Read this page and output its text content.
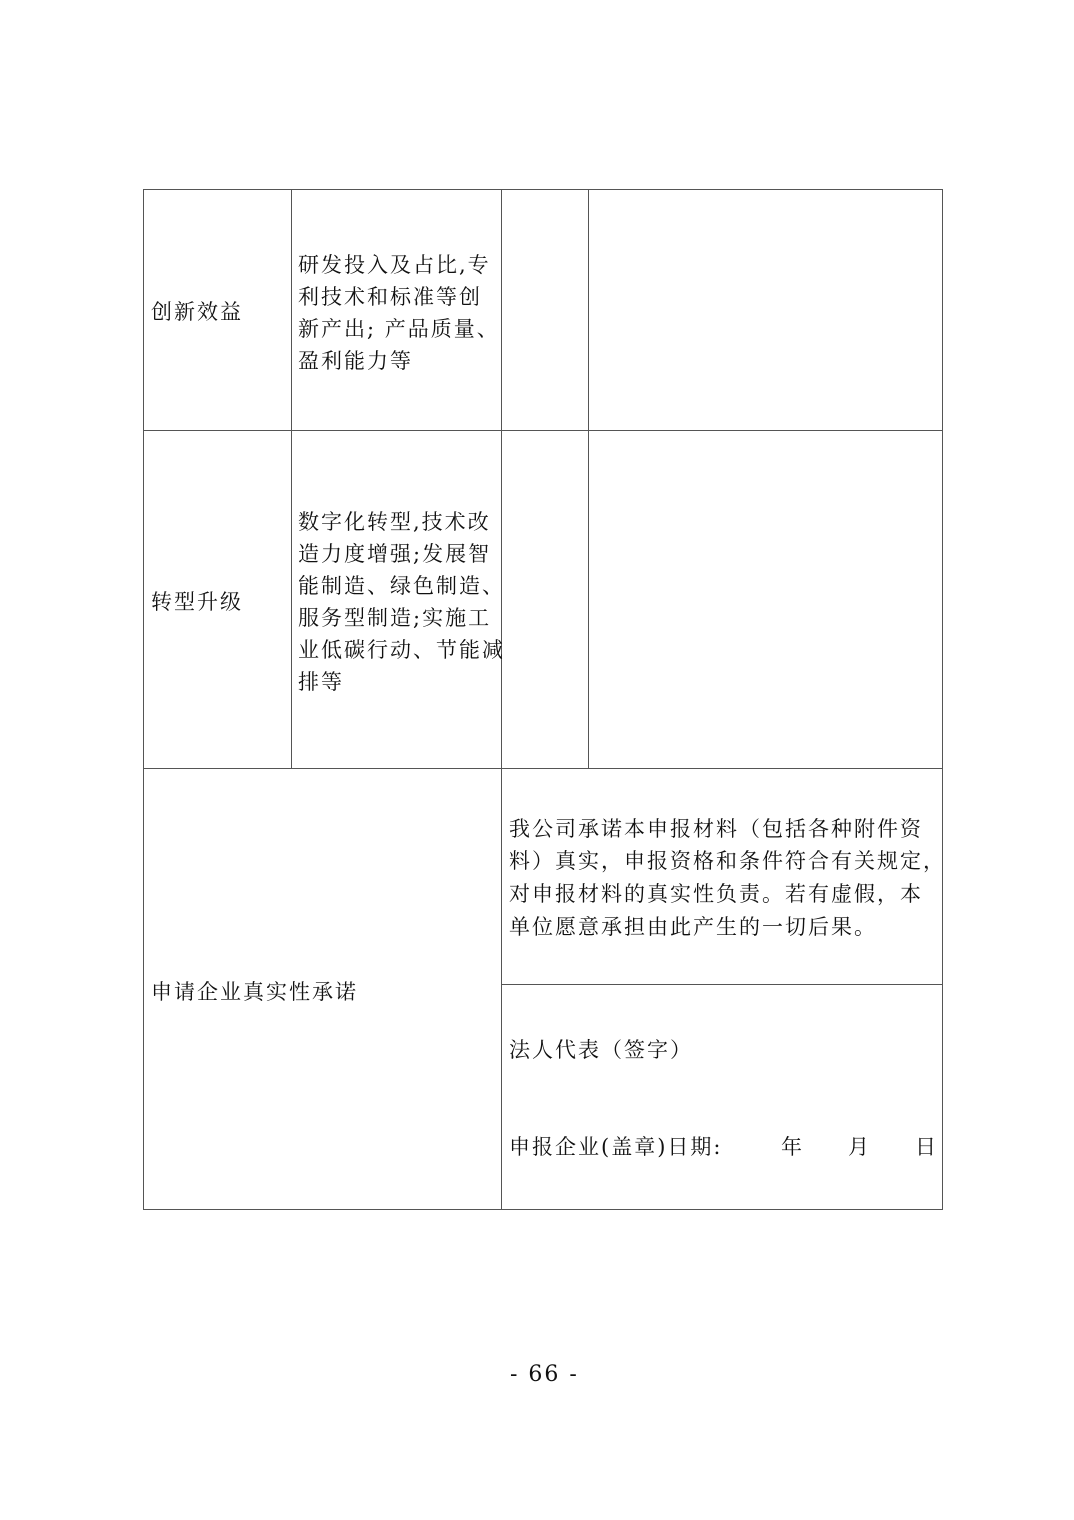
创新效益
研发投入及占比,专
利技术和标准等创
新产出; 产品质量、
盈利能力等
转型升级
数字化转型,技术改
造力度增强;发展智
能制造、绿色制造、
服务型制造;实施工
业低碳行动、节能减
排等
申请企业真实性承诺
我公司承诺本申报材料（包括各种附件资
料）真实，申报资格和条件符合有关规定，
对申报材料的真实性负责。若有虚假，本
单位愿意承担由此产生的一切后果。
法人代表（签字）
申报企业(盖章)日期:	年 月 日
- 66 -
